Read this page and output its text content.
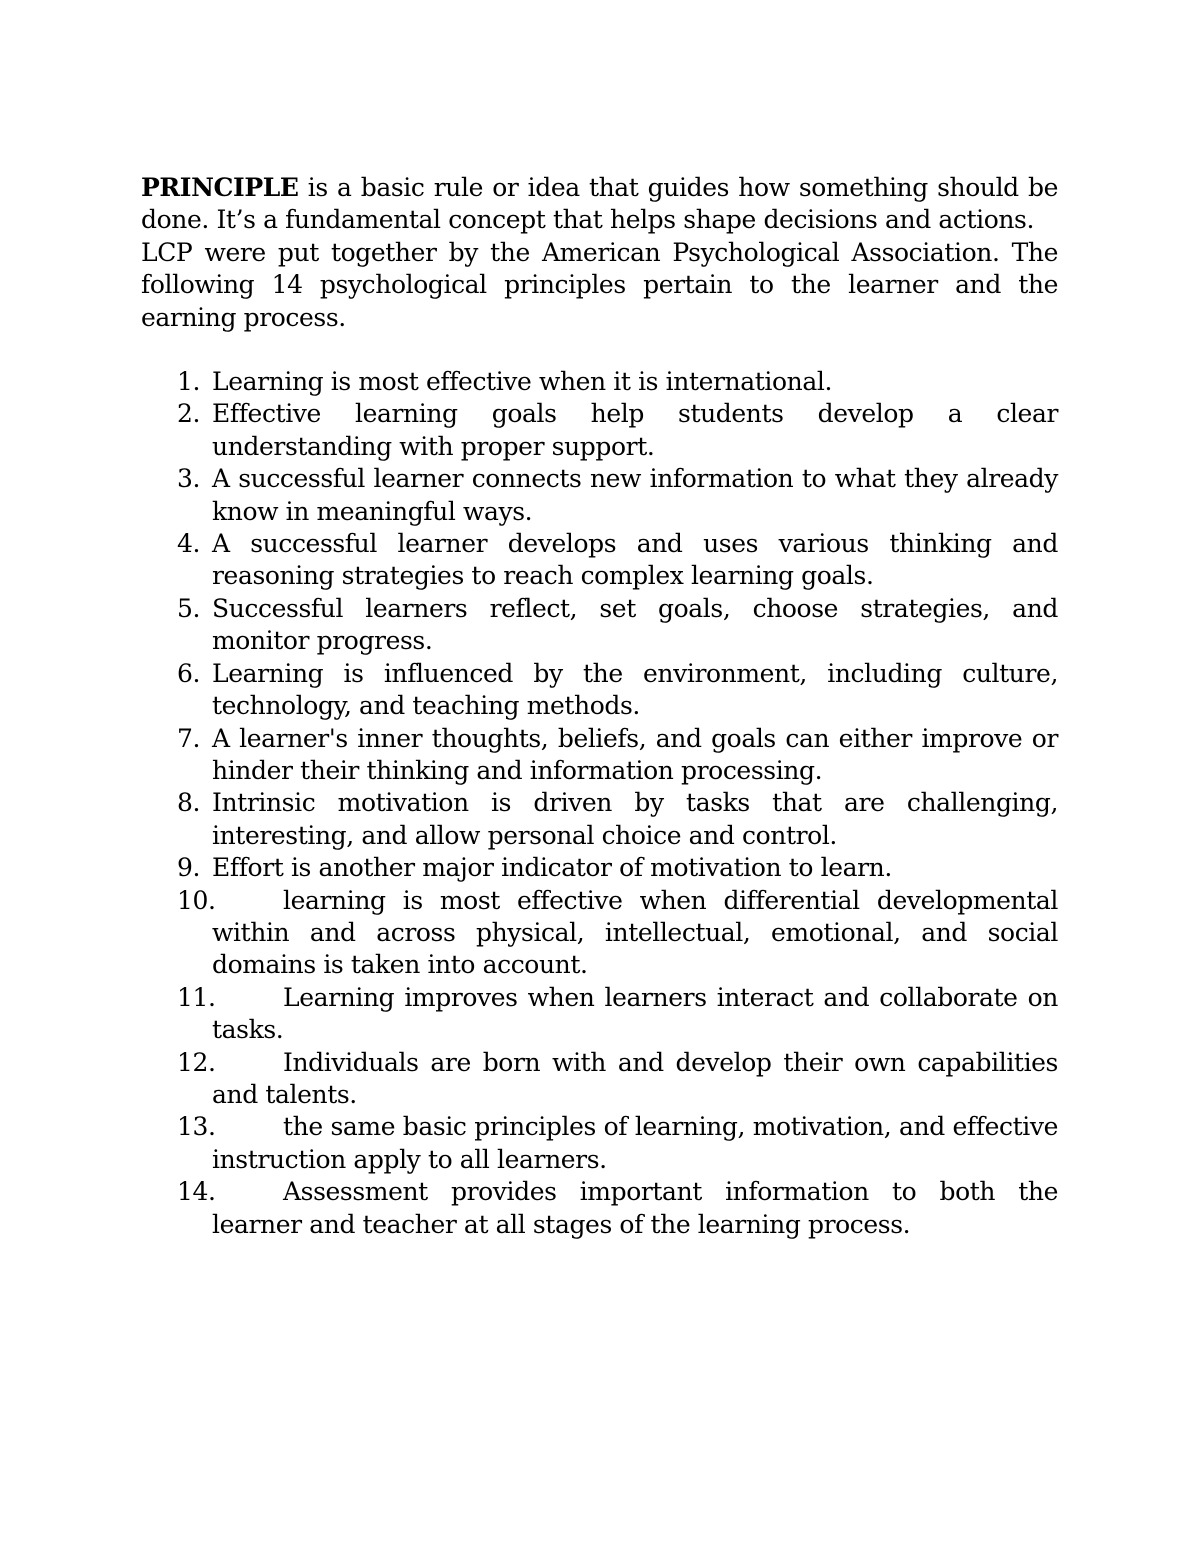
PRINCIPLE is a basic rule or idea that guides how something should be done. It’s a fundamental concept that helps shape decisions and actions.

LCP were put together by the American Psychological Association. The following 14 psychological principles pertain to the learner and the earning process.

1. Learning is most effective when it is international.
2. Effective learning goals help students develop a clear understanding with proper support.
3. A successful learner connects new information to what they already know in meaningful ways.
4. A successful learner develops and uses various thinking and reasoning strategies to reach complex learning goals.
5. Successful learners reflect, set goals, choose strategies, and monitor progress.
6. Learning is influenced by the environment, including culture, technology, and teaching methods.
7. A learner's inner thoughts, beliefs, and goals can either improve or hinder their thinking and information processing.
8. Intrinsic motivation is driven by tasks that are challenging, interesting, and allow personal choice and control.
9. Effort is another major indicator of motivation to learn.
10.	learning is most effective when differential developmental within and across physical, intellectual, emotional, and social domains is taken into account.
11.	Learning improves when learners interact and collaborate on tasks.
12.	Individuals are born with and develop their own capabilities and talents.
13.	the same basic principles of learning, motivation, and effective instruction apply to all learners.
14.	Assessment provides important information to both the learner and teacher at all stages of the learning process.
